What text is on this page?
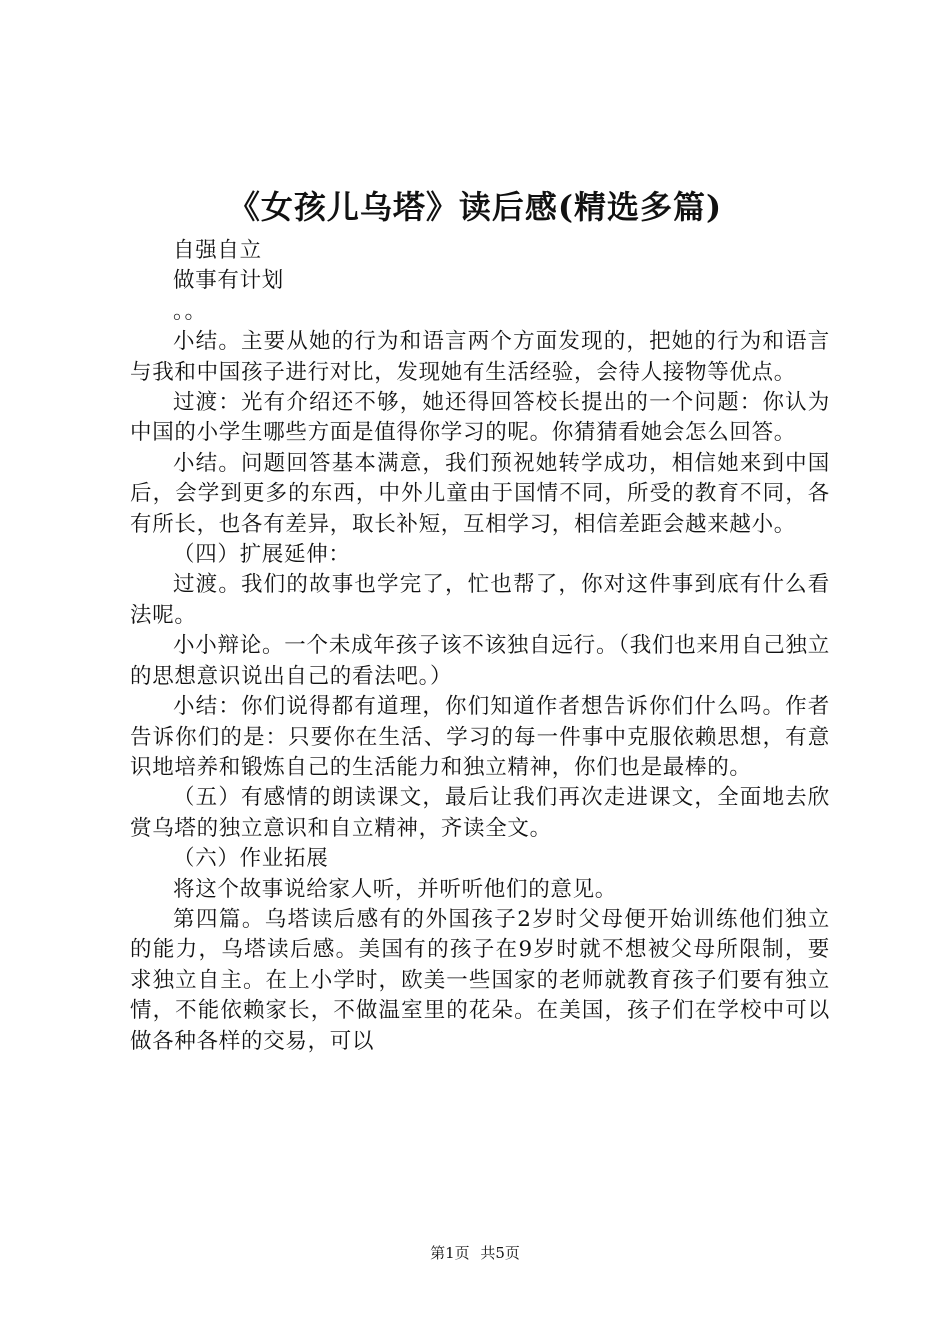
《女孩儿乌塔》读后感(精选多篇)

自强自立

做事有计划

。。

小结。主要从她的行为和语言两个方面发现的，把她的行为和语言与我和中国孩子进行对比，发现她有生活经验，会待人接物等优点。

过渡：光有介绍还不够，她还得回答校长提出的一个问题：你认为中国的小学生哪些方面是值得你学习的呢。你猜猜看她会怎么回答。

小结。问题回答基本满意，我们预祝她转学成功，相信她来到中国后，会学到更多的东西，中外儿童由于国情不同，所受的教育不同，各有所长，也各有差异，取长补短，互相学习，相信差距会越来越小。

（四）扩展延伸：

过渡。我们的故事也学完了，忙也帮了，你对这件事到底有什么看法呢。

小小辩论。一个未成年孩子该不该独自远行。（我们也来用自己独立的思想意识说出自己的看法吧。）

小结：你们说得都有道理，你们知道作者想告诉你们什么吗。作者告诉你们的是：只要你在生活、学习的每一件事中克服依赖思想，有意识地培养和锻炼自己的生活能力和独立精神，你们也是最棒的。

（五）有感情的朗读课文，最后让我们再次走进课文，全面地去欣赏乌塔的独立意识和自立精神，齐读全文。

（六）作业拓展

将这个故事说给家人听，并听听他们的意见。

第四篇。乌塔读后感有的外国孩子2岁时父母便开始训练他们独立的能力，乌塔读后感。美国有的孩子在9岁时就不想被父母所限制，要求独立自主。在上小学时，欧美一些国家的老师就教育孩子们要有独立情，不能依赖家长，不做温室里的花朵。在美国，孩子们在学校中可以做各种各样的交易，可以

第1页 共5页
